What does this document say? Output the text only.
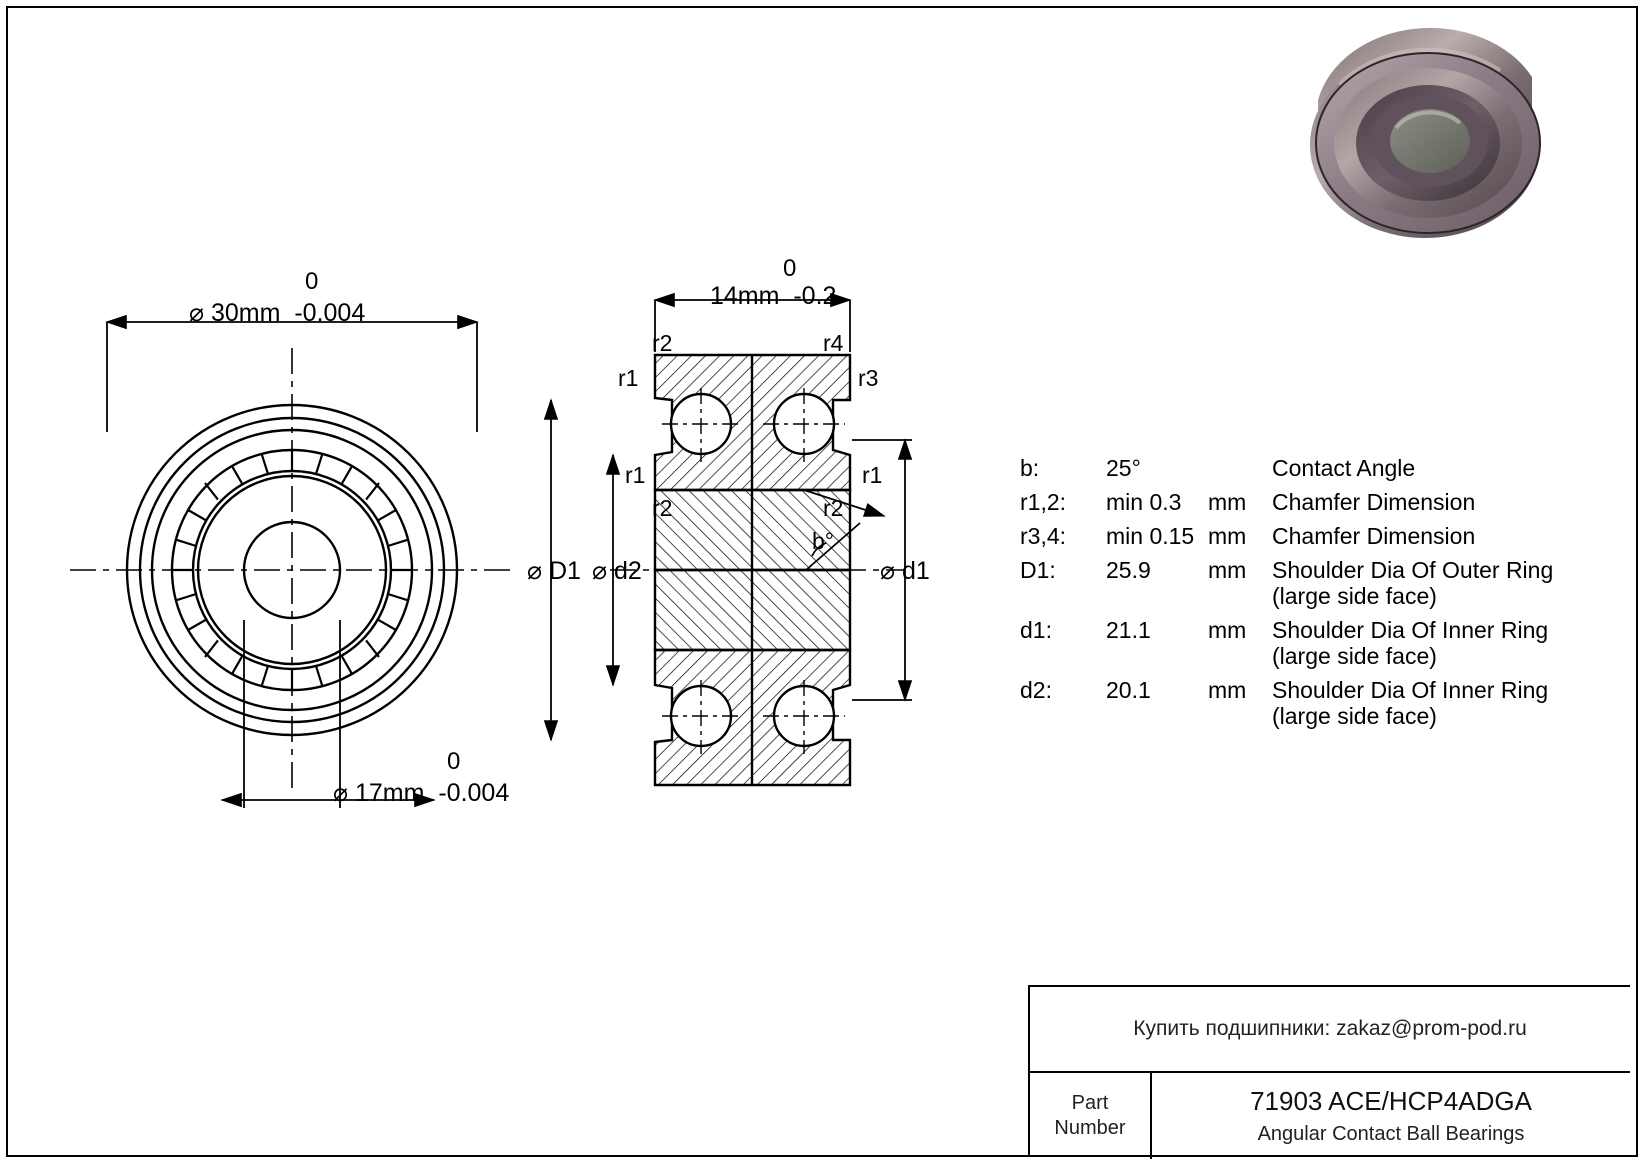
0
⌀ 30mm  -0.004
0
⌀ 17mm  -0.004
0
14mm  -0.2
r2	r4
r1	r3
r1	r1
r2	r2
b°
⌀ D1 ⌀ d2	⌀ d1
b:	25°	Contact Angle
r1,2:	min 0.3	mm	Chamfer Dimension
r3,4:	min 0.15 mm	Chamfer Dimension
D1:	25.9	mm	Shoulder Dia Of Outer Ring
(large side face)
d1:	21.1	mm	Shoulder Dia Of Inner Ring
(large side face)
d2:	20.1	mm	Shoulder Dia Of Inner Ring
(large side face)
Купить подшипники: zakaz@prom-pod.ru
Part
Number
71903 ACE/HCP4ADGA
Angular Contact Ball Bearings
